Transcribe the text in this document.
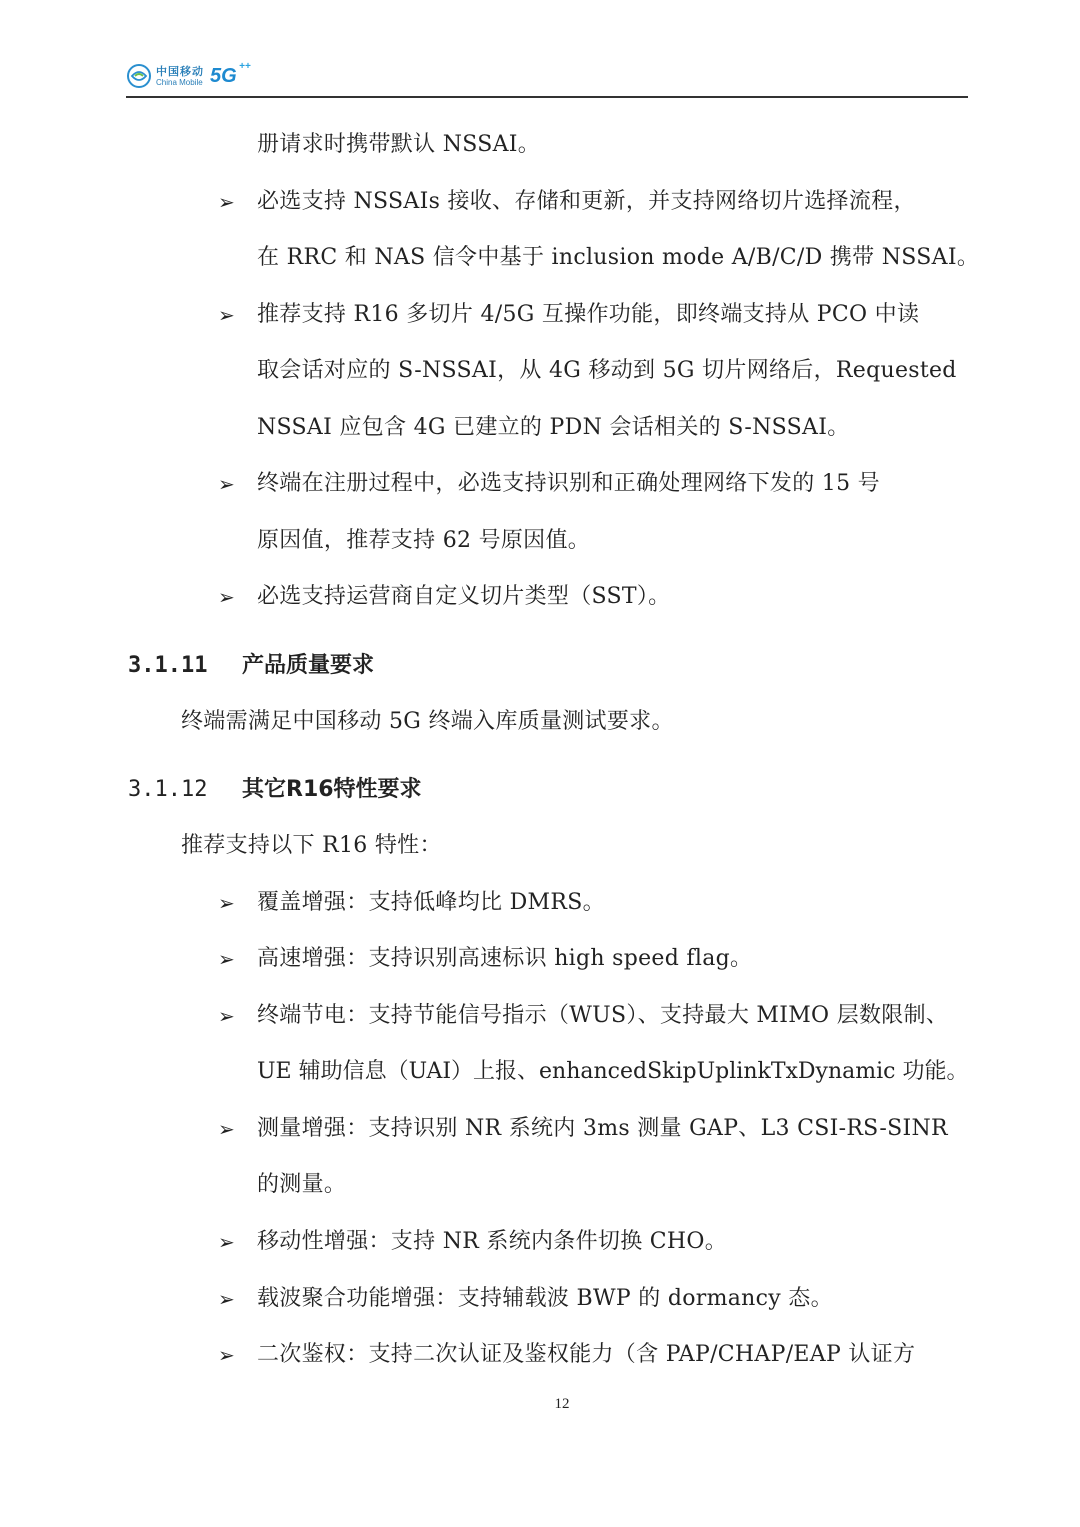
中国移动
China Mobile 5G ++
册请求时携带默认 NSSAI。
➢ 必选支持 NSSAIs 接收、存储和更新，并支持网络切片选择流程，
在 RRC 和 NAS 信令中基于 inclusion mode A/B/C/D 携带 NSSAI。
➢ 推荐支持 R16 多切片 4/5G 互操作功能，即终端支持从 PCO 中读
取会话对应的 S-NSSAI，从 4G 移动到 5G 切片网络后，Requested
NSSAI 应包含 4G 已建立的 PDN 会话相关的 S-NSSAI。
➢ 终端在注册过程中，必选支持识别和正确处理网络下发的 15 号
原因值，推荐支持 62 号原因值。
➢ 必选支持运营商自定义切片类型（SST）。
3.1.11 产品质量要求
终端需满足中国移动 5G 终端入库质量测试要求。
3.1.12 其它R16特性要求
推荐支持以下 R16 特性：
➢ 覆盖增强：支持低峰均比 DMRS。
➢ 高速增强：支持识别高速标识 high speed flag。
➢ 终端节电：支持节能信号指示（WUS）、支持最大 MIMO 层数限制、
UE 辅助信息（UAI）上报、enhancedSkipUplinkTxDynamic 功能。
➢ 测量增强：支持识别 NR 系统内 3ms 测量 GAP、L3 CSI-RS-SINR
的测量。
➢ 移动性增强：支持 NR 系统内条件切换 CHO。
➢ 载波聚合功能增强：支持辅载波 BWP 的 dormancy 态。
➢ 二次鉴权：支持二次认证及鉴权能力（含 PAP/CHAP/EAP 认证方
12
